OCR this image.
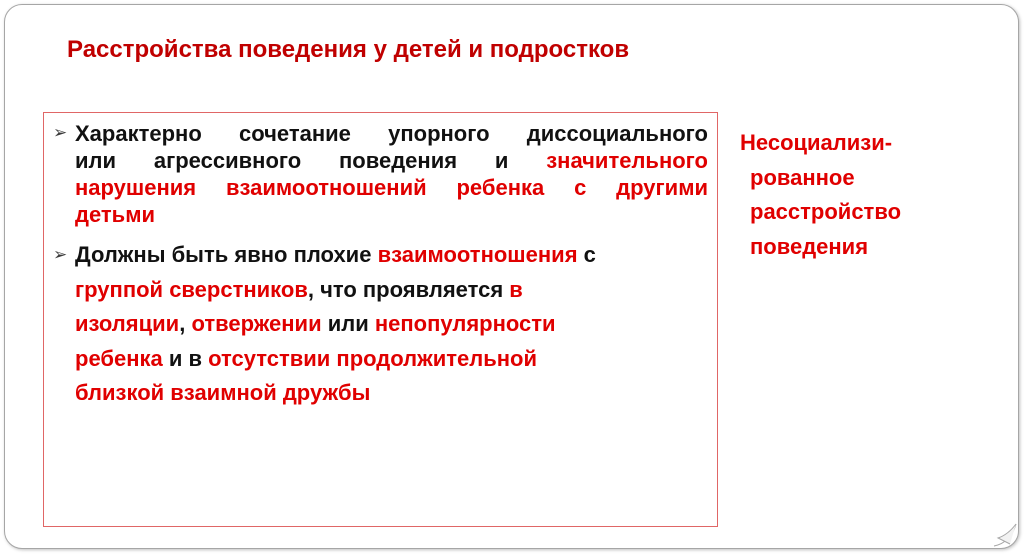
Расстройства поведения у детей и подростков
➢ Характерно сочетание упорного диссоциального
или агрессивного поведения и значительного
нарушения взаимоотношений ребенка с другими
детьми
➢ Должны быть явно плохие взаимоотношения с
группой сверстников, что проявляется в
изоляции, отвержении или непопулярности
ребенка и в отсутствии продолжительной
близкой взаимной дружбы
Несоциализи-
рованное
расстройство
поведения
